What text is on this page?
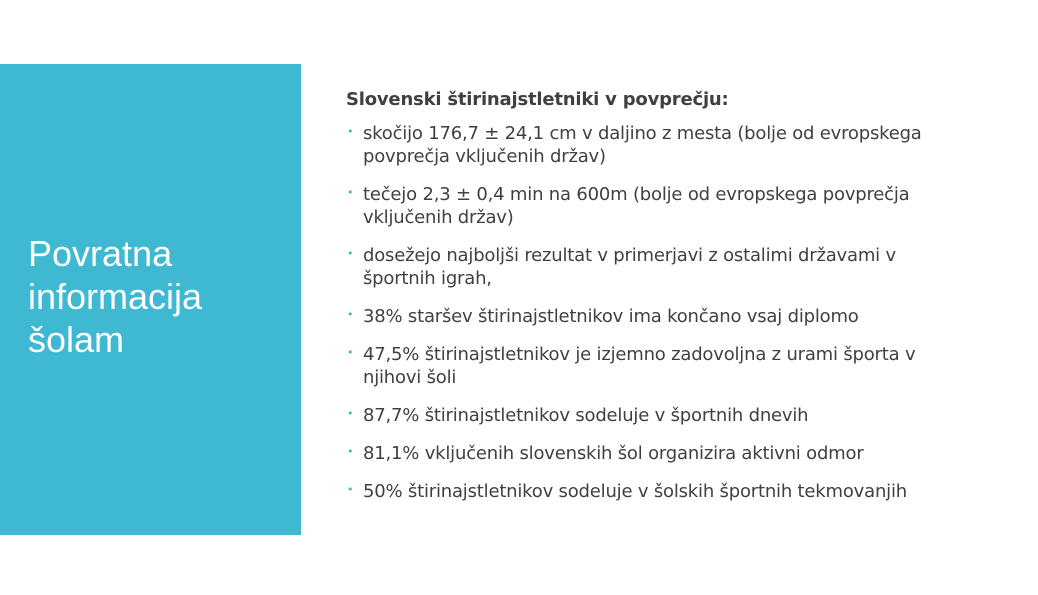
Povratna
informacija
šolam
Slovenski štirinajstletniki v povprečju:
• skočijo 176,7 ± 24,1 cm v daljino z mesta (bolje od evropskega povprečja vključenih držav)
• tečejo 2,3 ± 0,4 min na 600m (bolje od evropskega povprečja vključenih držav)
• dosežejo najboljši rezultat v primerjavi z ostalimi državami v športnih igrah,
• 38% staršev štirinajstletnikov ima končano vsaj diplomo
• 47,5% štirinajstletnikov je izjemno zadovoljna z urami športa v njihovi šoli
• 87,7% štirinajstletnikov sodeluje v športnih dnevih
• 81,1% vključenih slovenskih šol organizira aktivni odmor
• 50% štirinajstletnikov sodeluje v šolskih športnih tekmovanjih
